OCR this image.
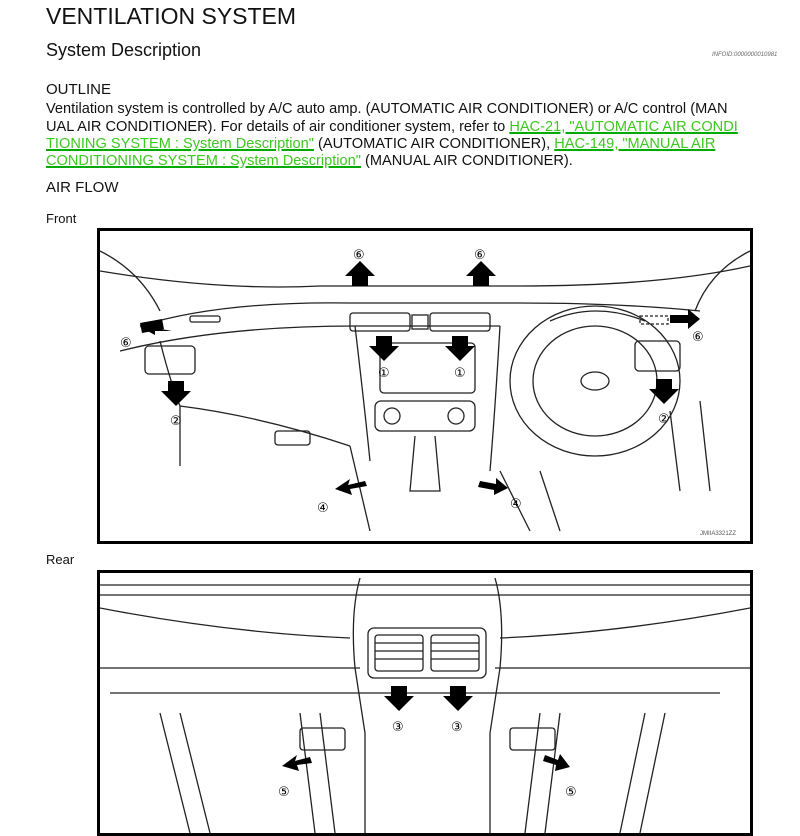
VENTILATION SYSTEM
System Description	INFOID:0000000010981
OUTLINE
Ventilation system is controlled by A/C auto amp. (AUTOMATIC AIR CONDITIONER) or A/C control (MAN
UAL AIR CONDITIONER). For details of air conditioner system, refer to HAC-21, "AUTOMATIC AIR CONDI
TIONING SYSTEM : System Description" (AUTOMATIC AIR CONDITIONER), HAC-149, "MANUAL AIR
CONDITIONING SYSTEM : System Description" (MANUAL AIR CONDITIONER).
AIR FLOW
Front
⑥	⑥
⑥	⑥
①	①
②	②
④	④
JMIIA3321ZZ
Rear
③	③
⑤	⑤
